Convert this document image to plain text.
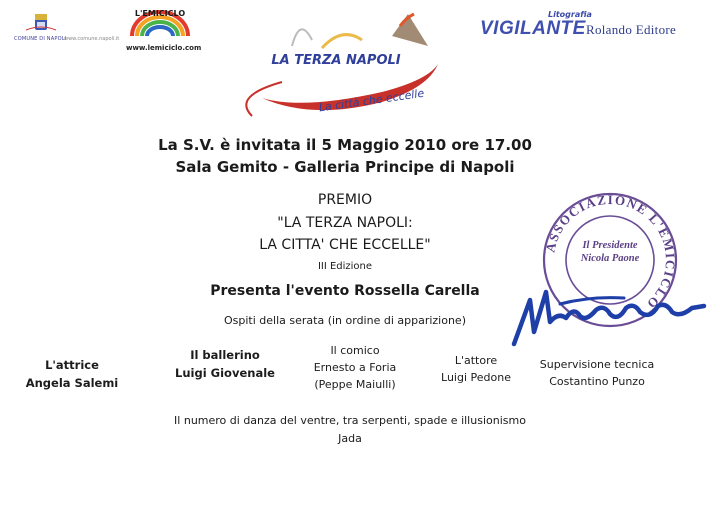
COMUNE DI NAPOLI
www.comune.napoli.it
L'EMICICLO
www.lemiciclo.com
LA TERZA NAPOLI
La città che eccelle
Litografia
VIGILANTE Rolando Editore
La S.V. è invitata il 5 Maggio 2010 ore 17.00
Sala Gemito - Galleria Principe di Napoli
PREMIO
"LA TERZA NAPOLI:
LA CITTA' CHE ECCELLE"
III Edizione
Presenta l'evento Rossella Carella
Ospiti della serata (in ordine di apparizione)
L'attrice
Angela Salemi
Il ballerino
Luigi Giovenale
Il comico
Ernesto a Foria
(Peppe Maiulli)
L'attore
Luigi Pedone
Supervisione tecnica
Costantino Punzo
Il numero di danza del ventre, tra serpenti, spade e illusionismo
Jada
ASSOCIAZIONE L'EMICICLO
Il Presidente
Nicola Paone
